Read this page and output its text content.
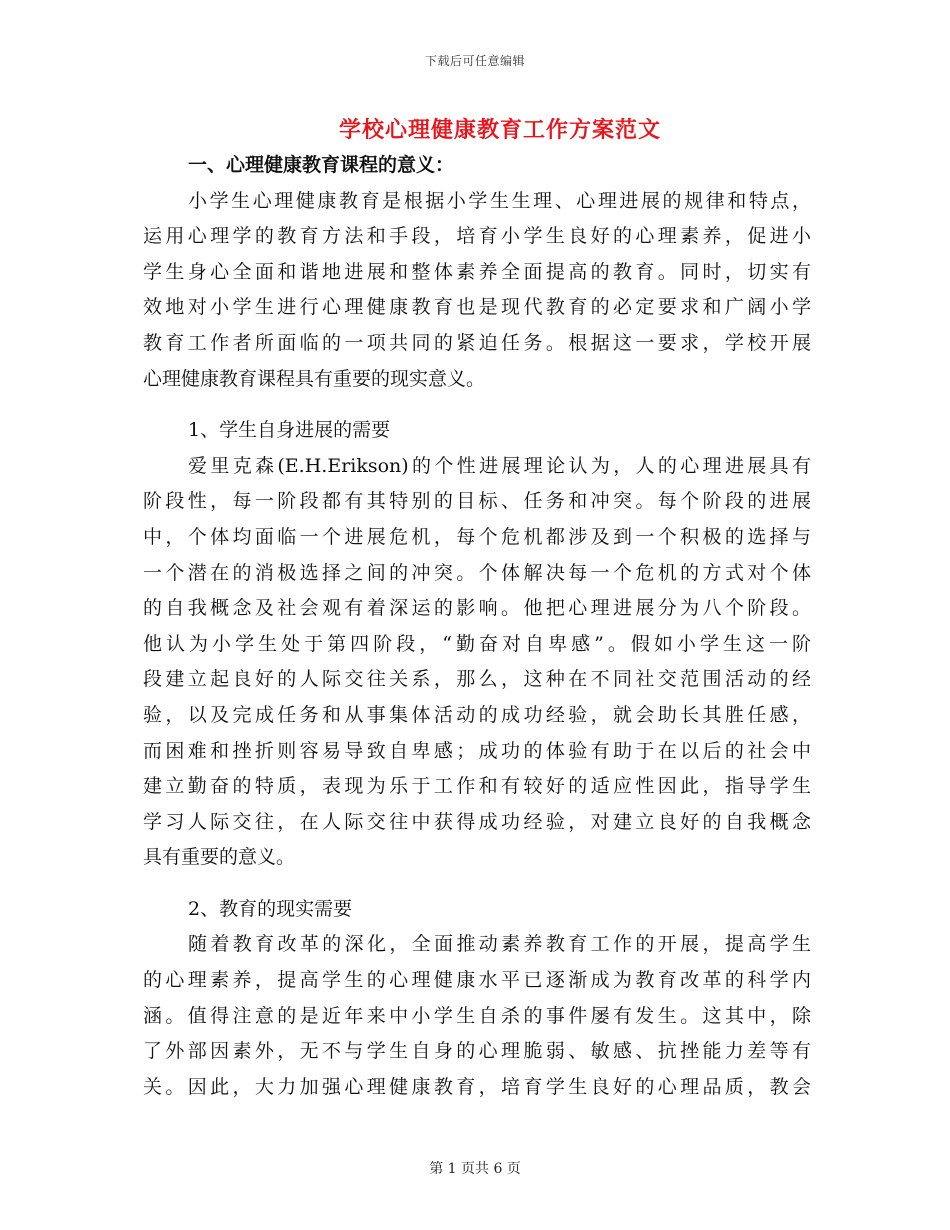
下载后可任意编辑
学校心理健康教育工作方案范文
一、心理健康教育课程的意义：
小学生心理健康教育是根据小学生生理、心理进展的规律和特点，
运用心理学的教育方法和手段，培育小学生良好的心理素养，促进小
学生身心全面和谐地进展和整体素养全面提高的教育。同时，切实有
效地对小学生进行心理健康教育也是现代教育的必定要求和广阔小学
教育工作者所面临的一项共同的紧迫任务。根据这一要求，学校开展
心理健康教育课程具有重要的现实意义。
1、学生自身进展的需要
爱里克森(E.H.Erikson)的个性进展理论认为，人的心理进展具有
阶段性，每一阶段都有其特别的目标、任务和冲突。每个阶段的进展
中，个体均面临一个进展危机，每个危机都涉及到一个积极的选择与
一个潜在的消极选择之间的冲突。个体解决每一个危机的方式对个体
的自我概念及社会观有着深运的影响。他把心理进展分为八个阶段。
他认为小学生处于第四阶段，“勤奋对自卑感”。假如小学生这一阶
段建立起良好的人际交往关系，那么，这种在不同社交范围活动的经
验，以及完成任务和从事集体活动的成功经验，就会助长其胜任感，
而困难和挫折则容易导致自卑感；成功的体验有助于在以后的社会中
建立勤奋的特质，表现为乐于工作和有较好的适应性因此，指导学生
学习人际交往，在人际交往中获得成功经验，对建立良好的自我概念
具有重要的意义。
2、教育的现实需要
随着教育改革的深化，全面推动素养教育工作的开展，提高学生
的心理素养，提高学生的心理健康水平已逐渐成为教育改革的科学内
涵。值得注意的是近年来中小学生自杀的事件屡有发生。这其中，除
了外部因素外，无不与学生自身的心理脆弱、敏感、抗挫能力差等有
关。因此，大力加强心理健康教育，培育学生良好的心理品质，教会
第 1 页共 6 页
